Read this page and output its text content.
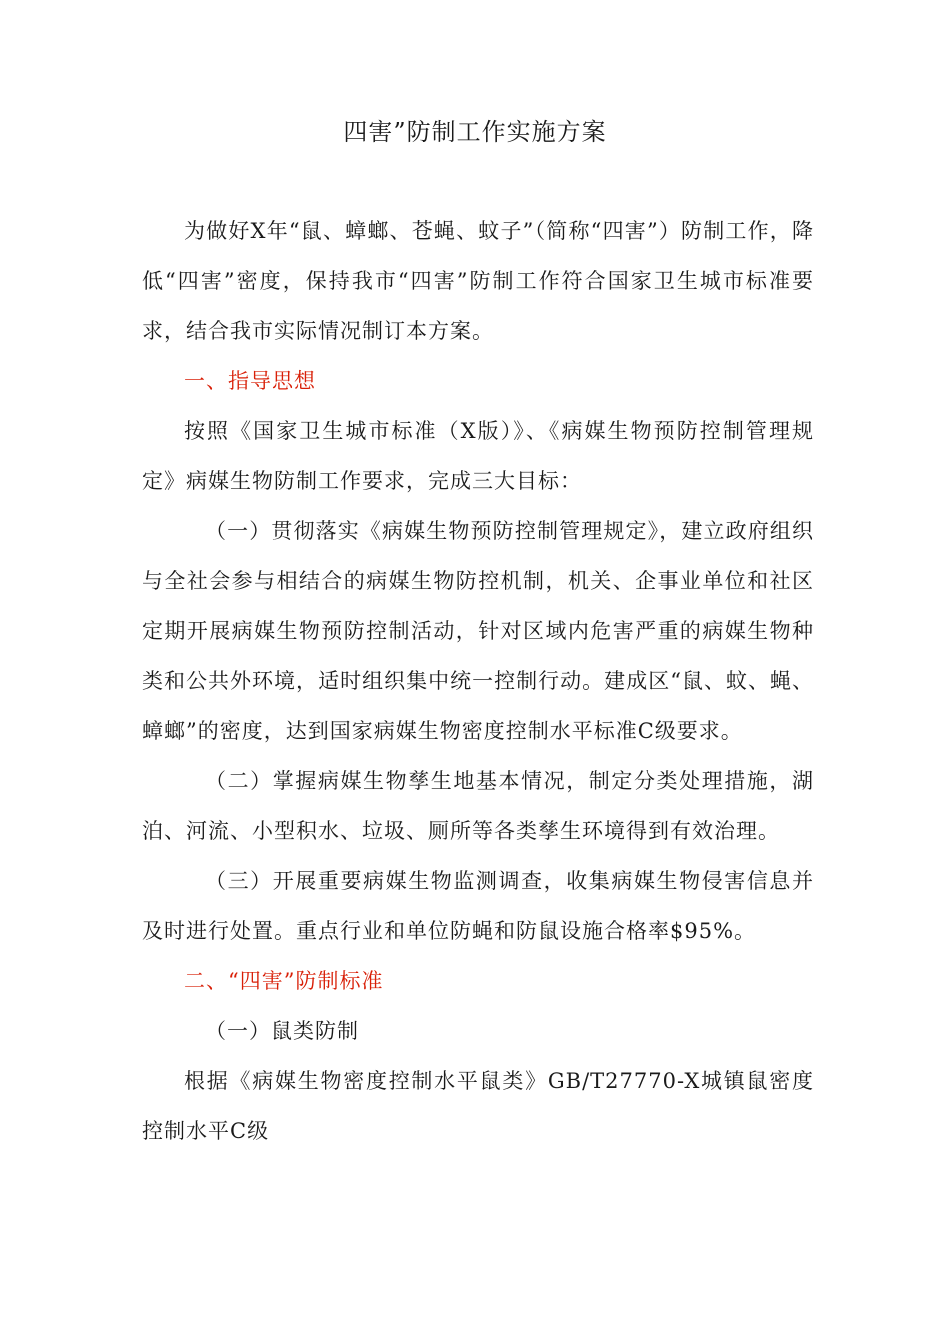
四害”防制工作实施方案

为做好X年“鼠、蟑螂、苍蝇、蚊子”（简称“四害”）防制工作，降低“四害”密度，保持我市“四害”防制工作符合国家卫生城市标准要求，结合我市实际情况制订本方案。

一、指导思想

按照《国家卫生城市标准（X版）》、《病媒生物预防控制管理规定》病媒生物防制工作要求，完成三大目标：

（一）贯彻落实《病媒生物预防控制管理规定》，建立政府组织与全社会参与相结合的病媒生物防控机制，机关、企事业单位和社区定期开展病媒生物预防控制活动，针对区域内危害严重的病媒生物种类和公共外环境，适时组织集中统一控制行动。建成区“鼠、蚊、蝇、蟑螂”的密度，达到国家病媒生物密度控制水平标准C级要求。

（二）掌握病媒生物孳生地基本情况，制定分类处理措施，湖泊、河流、小型积水、垃圾、厕所等各类孳生环境得到有效治理。

（三）开展重要病媒生物监测调查，收集病媒生物侵害信息并及时进行处置。重点行业和单位防蝇和防鼠设施合格率$95%。

二、“四害”防制标准

（一）鼠类防制

根据《病媒生物密度控制水平鼠类》GB/T27770-X城镇鼠密度控制水平C级
